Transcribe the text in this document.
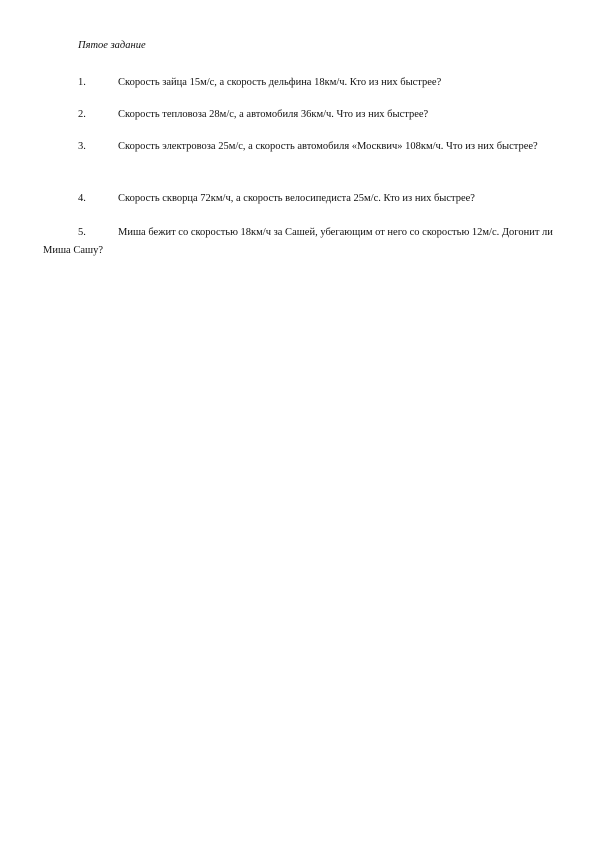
Пятое задание
1.	Скорость зайца 15м/с, а скорость дельфина 18км/ч. Кто из них быстрее?
2.	Скорость тепловоза 28м/с, а автомобиля 36км/ч. Что из них быстрее?
3.	Скорость электровоза 25м/с, а скорость автомобиля «Москвич» 108км/ч. Что из них быстрее?
4.	Скорость скворца 72км/ч, а скорость велосипедиста 25м/с. Кто из них быстрее?
5.	Миша бежит со скоростью 18км/ч за Сашей, убегающим от него со скоростью 12м/с. Догонит ли Миша Сашу?
